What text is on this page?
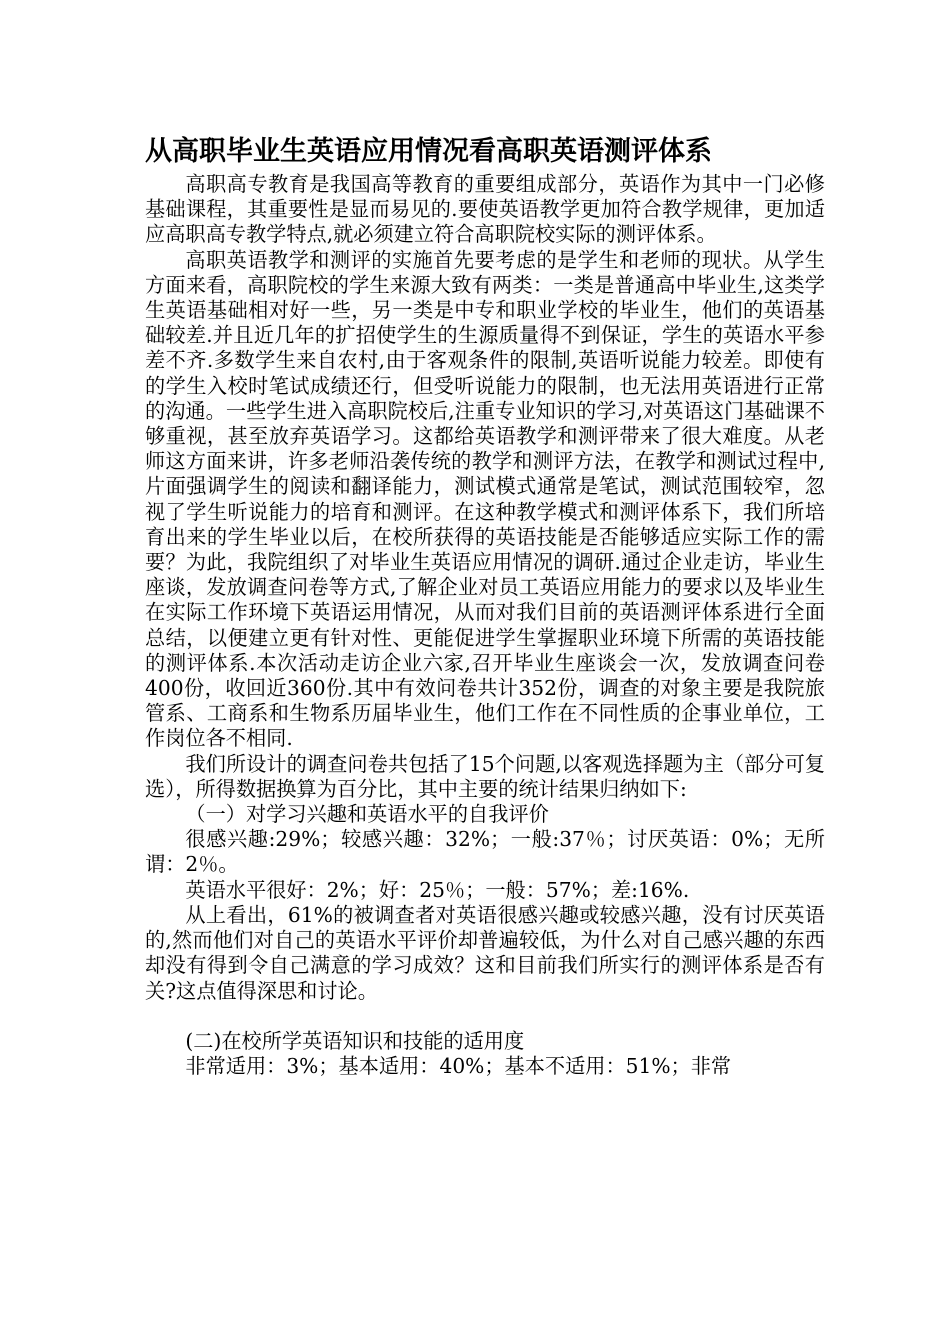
从高职毕业生英语应用情况看高职英语测评体系

高职高专教育是我国高等教育的重要组成部分，英语作为其中一门必修基础课程，其重要性是显而易见的.要使英语教学更加符合教学规律，更加适应高职高专教学特点,就必须建立符合高职院校实际的测评体系。

高职英语教学和测评的实施首先要考虑的是学生和老师的现状。从学生方面来看，高职院校的学生来源大致有两类：一类是普通高中毕业生,这类学生英语基础相对好一些，另一类是中专和职业学校的毕业生，他们的英语基础较差.并且近几年的扩招使学生的生源质量得不到保证，学生的英语水平参差不齐.多数学生来自农村,由于客观条件的限制,英语听说能力较差。即使有的学生入校时笔试成绩还行，但受听说能力的限制，也无法用英语进行正常的沟通。一些学生进入高职院校后,注重专业知识的学习,对英语这门基础课不够重视，甚至放弃英语学习。这都给英语教学和测评带来了很大难度。从老师这方面来讲，许多老师沿袭传统的教学和测评方法，在教学和测试过程中,片面强调学生的阅读和翻译能力，测试模式通常是笔试，测试范围较窄，忽视了学生听说能力的培育和测评。在这种教学模式和测评体系下，我们所培育出来的学生毕业以后，在校所获得的英语技能是否能够适应实际工作的需要？为此，我院组织了对毕业生英语应用情况的调研.通过企业走访，毕业生座谈，发放调查问卷等方式,了解企业对员工英语应用能力的要求以及毕业生在实际工作环境下英语运用情况，从而对我们目前的英语测评体系进行全面总结，以便建立更有针对性、更能促进学生掌握职业环境下所需的英语技能的测评体系.本次活动走访企业六家,召开毕业生座谈会一次，发放调查问卷400份，收回近360份.其中有效问卷共计352份，调查的对象主要是我院旅管系、工商系和生物系历届毕业生，他们工作在不同性质的企事业单位，工作岗位各不相同.

我们所设计的调查问卷共包括了15个问题,以客观选择题为主（部分可复选），所得数据换算为百分比，其中主要的统计结果归纳如下:

（一）对学习兴趣和英语水平的自我评价

很感兴趣:29%；较感兴趣：32%；一般:37％；讨厌英语：0%；无所谓：2％。

英语水平很好：2%；好：25％；一般：57%；差:16%.

从上看出，61%的被调查者对英语很感兴趣或较感兴趣，没有讨厌英语的,然而他们对自己的英语水平评价却普遍较低，为什么对自己感兴趣的东西却没有得到令自己满意的学习成效？这和目前我们所实行的测评体系是否有关?这点值得深思和讨论。

(二)在校所学英语知识和技能的适用度

非常适用：3%；基本适用：40%；基本不适用：51%；非常
